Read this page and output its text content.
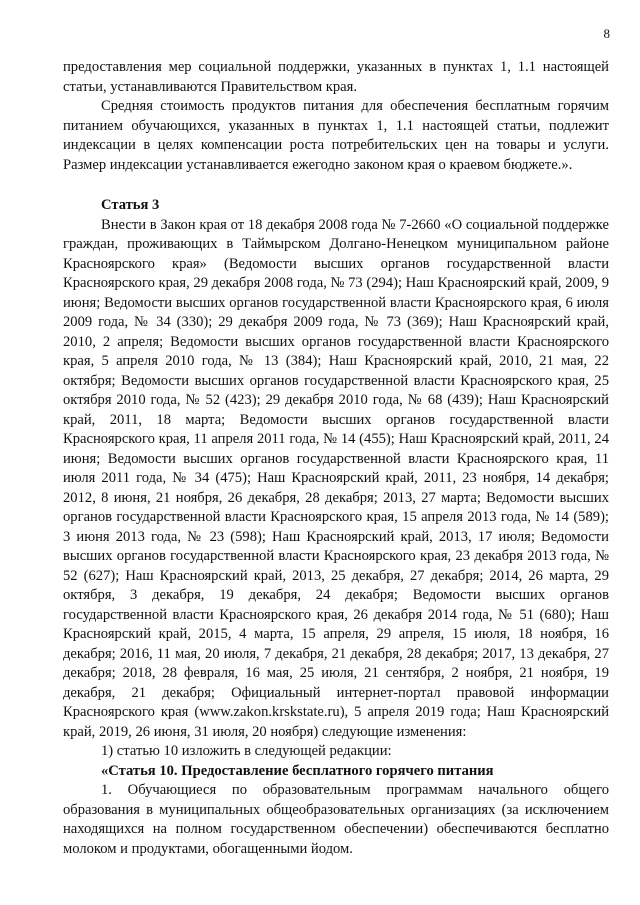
8

предоставления мер социальной поддержки, указанных в пунктах 1, 1.1 настоящей статьи, устанавливаются Правительством края.

Средняя стоимость продуктов питания для обеспечения бесплатным горячим питанием обучающихся, указанных в пунктах 1, 1.1 настоящей статьи, подлежит индексации в целях компенсации роста потребительских цен на товары и услуги. Размер индексации устанавливается ежегодно законом края о краевом бюджете.».

Статья 3

Внести в Закон края от 18 декабря 2008 года № 7-2660 «О социальной поддержке граждан, проживающих в Таймырском Долгано-Ненецком муниципальном районе Красноярского края» (Ведомости высших органов государственной власти Красноярского края, 29 декабря 2008 года, № 73 (294); Наш Красноярский край, 2009, 9 июня; Ведомости высших органов государственной власти Красноярского края, 6 июля 2009 года, № 34 (330); 29 декабря 2009 года, № 73 (369); Наш Красноярский край, 2010, 2 апреля; Ведомости высших органов государственной власти Красноярского края, 5 апреля 2010 года, № 13 (384); Наш Красноярский край, 2010, 21 мая, 22 октября; Ведомости высших органов государственной власти Красноярского края, 25 октября 2010 года, № 52 (423); 29 декабря 2010 года, № 68 (439); Наш Красноярский край, 2011, 18 марта; Ведомости высших органов государственной власти Красноярского края, 11 апреля 2011 года, № 14 (455); Наш Красноярский край, 2011, 24 июня; Ведомости высших органов государственной власти Красноярского края, 11 июля 2011 года, № 34 (475); Наш Красноярский край, 2011, 23 ноября, 14 декабря; 2012, 8 июня, 21 ноября, 26 декабря, 28 декабря; 2013, 27 марта; Ведомости высших органов государственной власти Красноярского края, 15 апреля 2013 года, № 14 (589); 3 июня 2013 года, № 23 (598); Наш Красноярский край, 2013, 17 июля; Ведомости высших органов государственной власти Красноярского края, 23 декабря 2013 года, № 52 (627); Наш Красноярский край, 2013, 25 декабря, 27 декабря; 2014, 26 марта, 29 октября, 3 декабря, 19 декабря, 24 декабря; Ведомости высших органов государственной власти Красноярского края, 26 декабря 2014 года, № 51 (680); Наш Красноярский край, 2015, 4 марта, 15 апреля, 29 апреля, 15 июля, 18 ноября, 16 декабря; 2016, 11 мая, 20 июля, 7 декабря, 21 декабря, 28 декабря; 2017, 13 декабря, 27 декабря; 2018, 28 февраля, 16 мая, 25 июля, 21 сентября, 2 ноября, 21 ноября, 19 декабря, 21 декабря; Официальный интернет-портал правовой информации Красноярского края (www.zakon.krskstate.ru), 5 апреля 2019 года; Наш Красноярский край, 2019, 26 июня, 31 июля, 20 ноября) следующие изменения:

1) статью 10 изложить в следующей редакции:

«Статья 10. Предоставление бесплатного горячего питания

1. Обучающиеся по образовательным программам начального общего образования в муниципальных общеобразовательных организациях (за исключением находящихся на полном государственном обеспечении) обеспечиваются бесплатно молоком и продуктами, обогащенными йодом.
